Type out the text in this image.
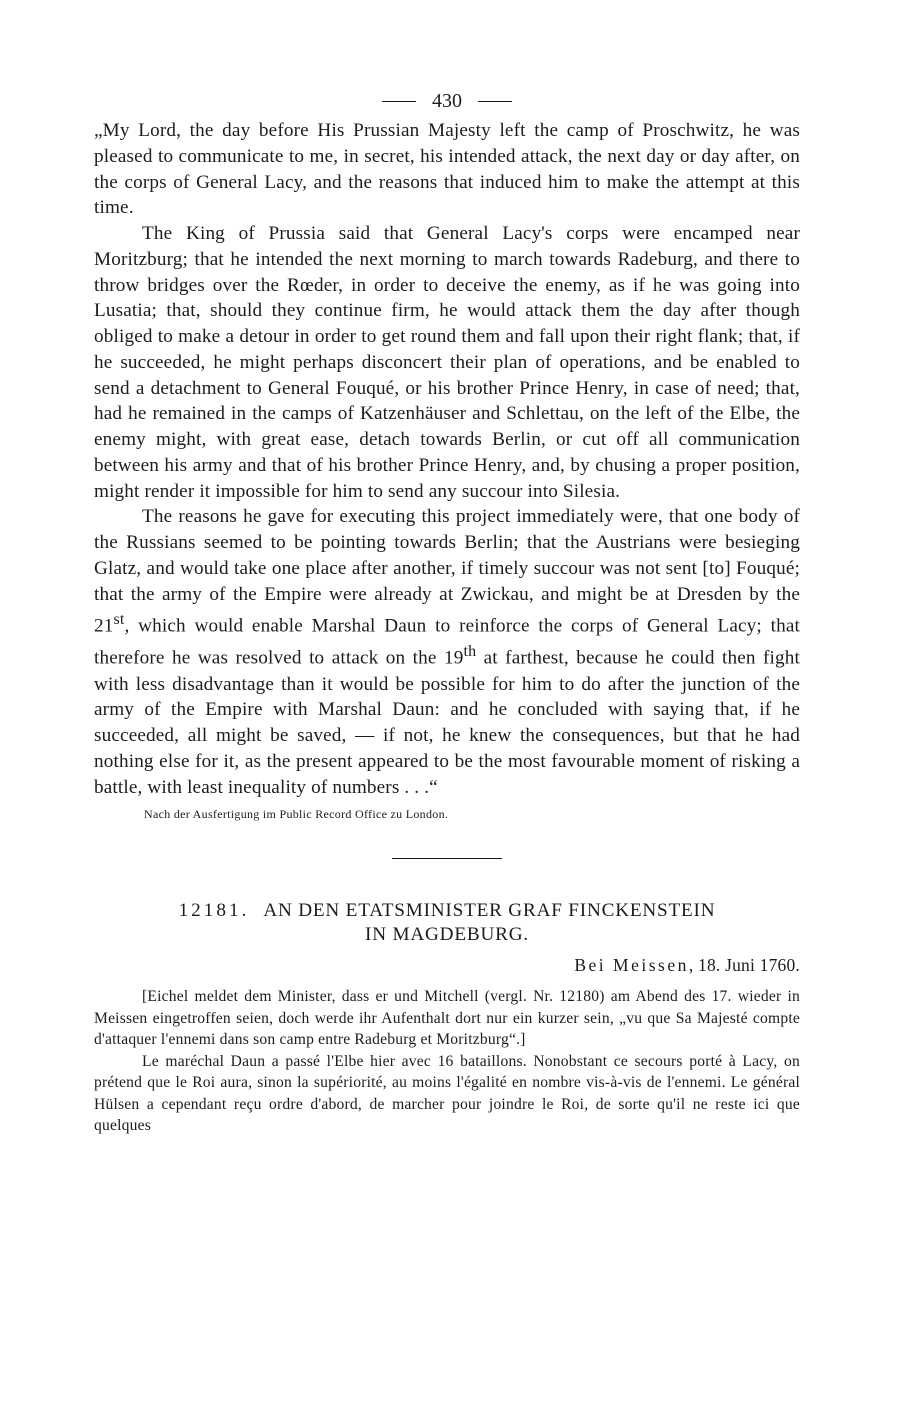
430

„My Lord, the day before His Prussian Majesty left the camp of Proschwitz, he was pleased to communicate to me, in secret, his intended attack, the next day or day after, on the corps of General Lacy, and the reasons that induced him to make the attempt at this time.

The King of Prussia said that General Lacy's corps were encamped near Moritzburg; that he intended the next morning to march towards Radeburg, and there to throw bridges over the Rœder, in order to deceive the enemy, as if he was going into Lusatia; that, should they continue firm, he would attack them the day after though obliged to make a detour in order to get round them and fall upon their right flank; that, if he succeeded, he might perhaps disconcert their plan of operations, and be enabled to send a detachment to General Fouqué, or his brother Prince Henry, in case of need; that, had he remained in the camps of Katzenhäuser and Schlettau, on the left of the Elbe, the enemy might, with great ease, detach towards Berlin, or cut off all communication between his army and that of his brother Prince Henry, and, by chusing a proper position, might render it impossible for him to send any succour into Silesia.

The reasons he gave for executing this project immediately were, that one body of the Russians seemed to be pointing towards Berlin; that the Austrians were besieging Glatz, and would take one place after another, if timely succour was not sent [to] Fouqué; that the army of the Empire were already at Zwickau, and might be at Dresden by the 21st, which would enable Marshal Daun to reinforce the corps of General Lacy; that therefore he was resolved to attack on the 19th at farthest, because he could then fight with less disadvantage than it would be possible for him to do after the junction of the army of the Empire with Marshal Daun: and he concluded with saying that, if he succeeded, all might be saved, — if not, he knew the consequences, but that he had nothing else for it, as the present appeared to be the most favourable moment of risking a battle, with least inequality of numbers . . .“

Nach der Ausfertigung im Public Record Office zu London.
12181. AN DEN ETATSMINISTER GRAF FINCKENSTEIN
IN MAGDEBURG.
Bei Meissen, 18. Juni 1760.

[Eichel meldet dem Minister, dass er und Mitchell (vergl. Nr. 12180) am Abend des 17. wieder in Meissen eingetroffen seien, doch werde ihr Aufenthalt dort nur ein kurzer sein, „vu que Sa Majesté compte d'attaquer l'ennemi dans son camp entre Radeburg et Moritzburg“.]

Le maréchal Daun a passé l'Elbe hier avec 16 bataillons. Nonobstant ce secours porté à Lacy, on prétend que le Roi aura, sinon la supériorité, au moins l'égalité en nombre vis-à-vis de l'ennemi. Le général Hülsen a cependant reçu ordre d'abord, de marcher pour joindre le Roi, de sorte qu'il ne reste ici que quelques
